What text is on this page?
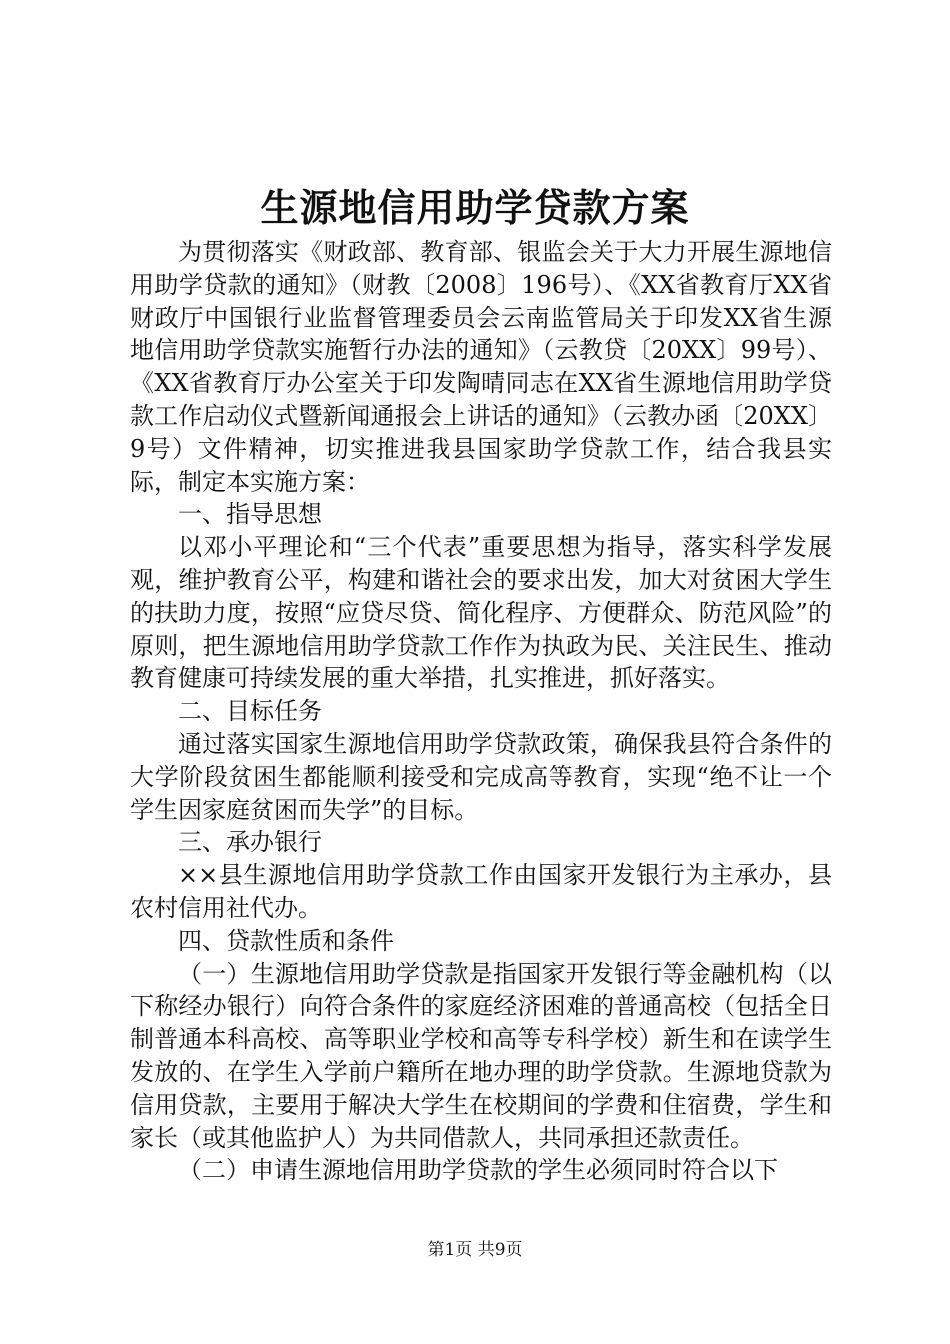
生源地信用助学贷款方案

为贯彻落实《财政部、教育部、银监会关于大力开展生源地信用助学贷款的通知》（财教〔2008〕196号）、《XX省教育厅XX省财政厅中国银行业监督管理委员会云南监管局关于印发XX省生源地信用助学贷款实施暂行办法的通知》（云教贷〔20XX〕99号）、《XX省教育厅办公室关于印发陶晴同志在XX省生源地信用助学贷款工作启动仪式暨新闻通报会上讲话的通知》（云教办函〔20XX〕9号）文件精神，切实推进我县国家助学贷款工作，结合我县实际，制定本实施方案：

一、指导思想

以邓小平理论和“三个代表”重要思想为指导，落实科学发展观，维护教育公平，构建和谐社会的要求出发，加大对贫困大学生的扶助力度，按照“应贷尽贷、简化程序、方便群众、防范风险”的原则，把生源地信用助学贷款工作作为执政为民、关注民生、推动教育健康可持续发展的重大举措，扎实推进，抓好落实。

二、目标任务

通过落实国家生源地信用助学贷款政策，确保我县符合条件的大学阶段贫困生都能顺利接受和完成高等教育，实现“绝不让一个学生因家庭贫困而失学”的目标。

三、承办银行

××县生源地信用助学贷款工作由国家开发银行为主承办，县农村信用社代办。

四、贷款性质和条件

（一）生源地信用助学贷款是指国家开发银行等金融机构（以下称经办银行）向符合条件的家庭经济困难的普通高校（包括全日制普通本科高校、高等职业学校和高等专科学校）新生和在读学生发放的、在学生入学前户籍所在地办理的助学贷款。生源地贷款为信用贷款，主要用于解决大学生在校期间的学费和住宿费，学生和家长（或其他监护人）为共同借款人，共同承担还款责任。

（二）申请生源地信用助学贷款的学生必须同时符合以下

第1页 共9页
